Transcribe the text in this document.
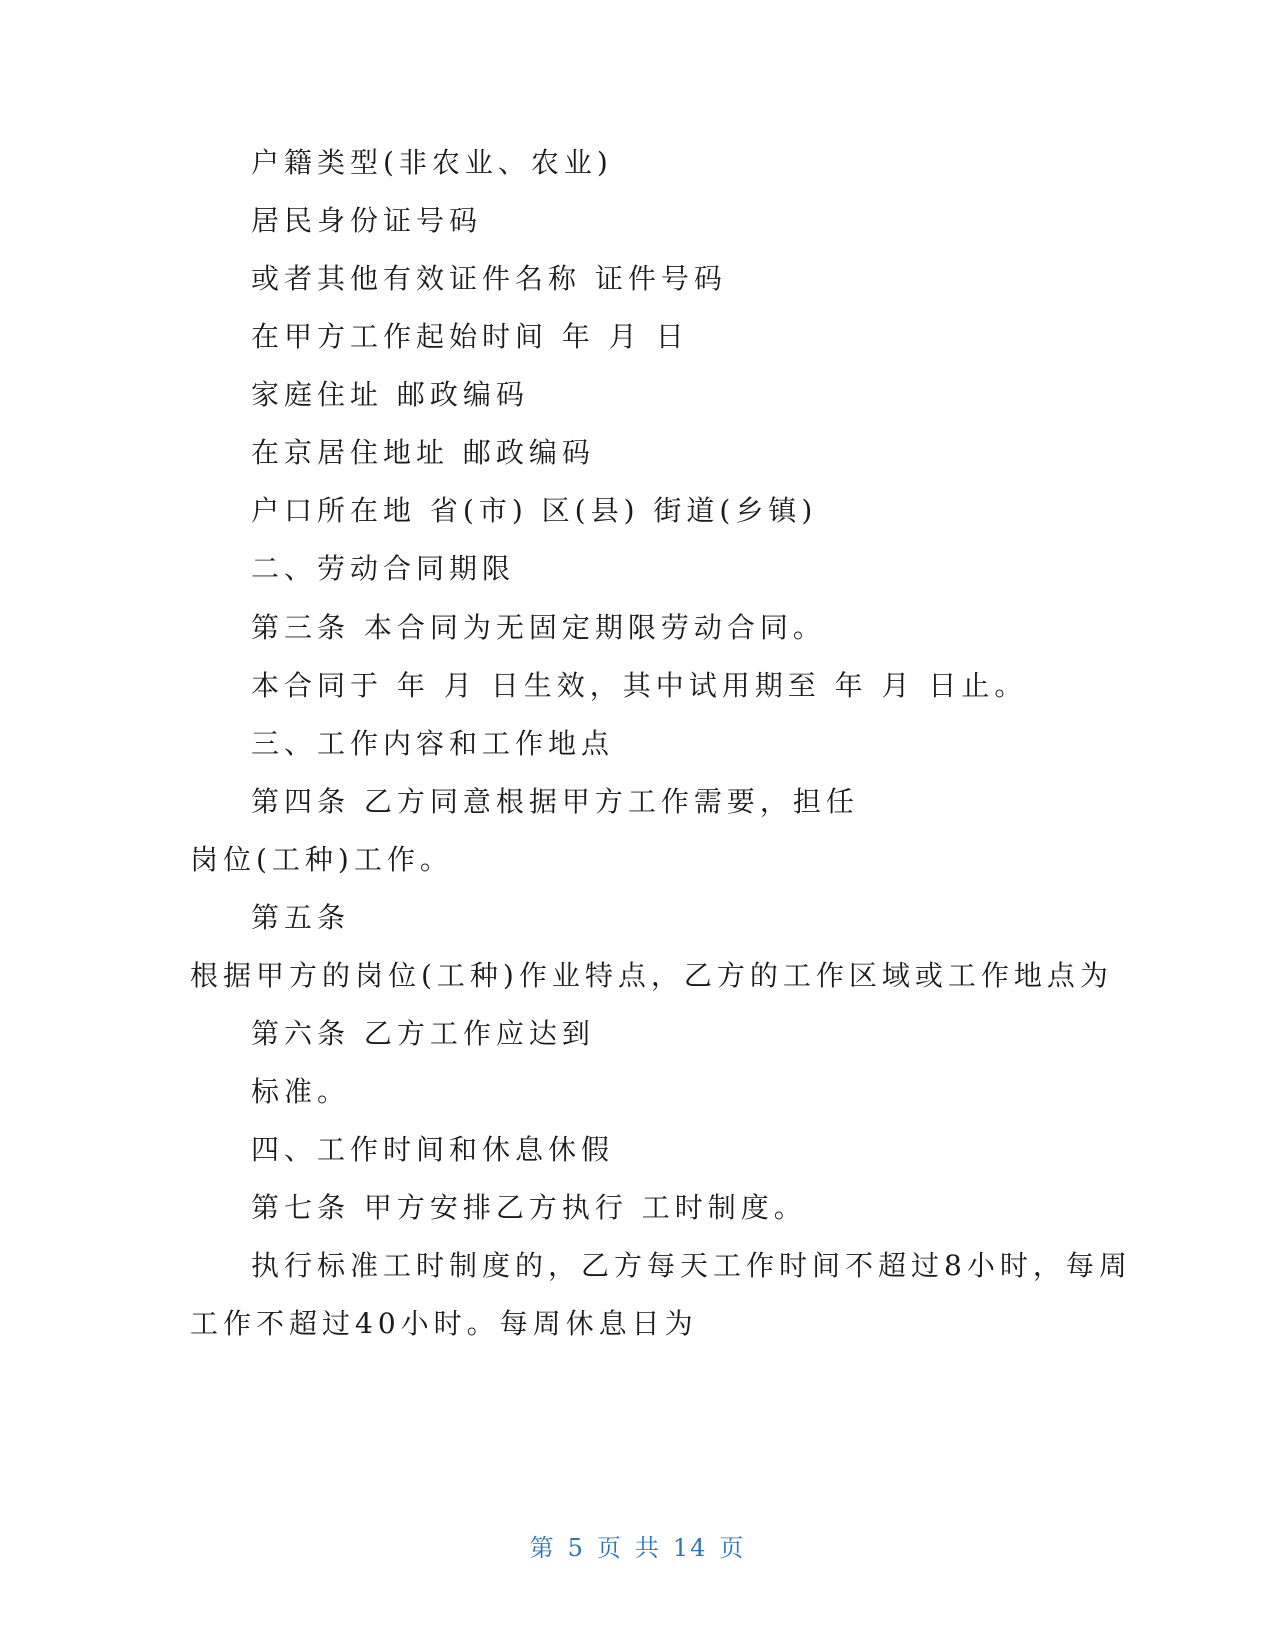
户籍类型(非农业、农业)
居民身份证号码
或者其他有效证件名称 证件号码
在甲方工作起始时间 年 月 日
家庭住址 邮政编码
在京居住地址 邮政编码
户口所在地 省(市) 区(县) 街道(乡镇)
二、劳动合同期限
第三条 本合同为无固定期限劳动合同。
本合同于 年 月 日生效，其中试用期至 年 月 日止。
三、工作内容和工作地点
第四条 乙方同意根据甲方工作需要，担任
岗位(工种)工作。
第五条
根据甲方的岗位(工种)作业特点，乙方的工作区域或工作地点为
第六条 乙方工作应达到
标准。
四、工作时间和休息休假
第七条 甲方安排乙方执行 工时制度。
执行标准工时制度的，乙方每天工作时间不超过8小时，每周
工作不超过40小时。每周休息日为
第 5 页 共 14 页
